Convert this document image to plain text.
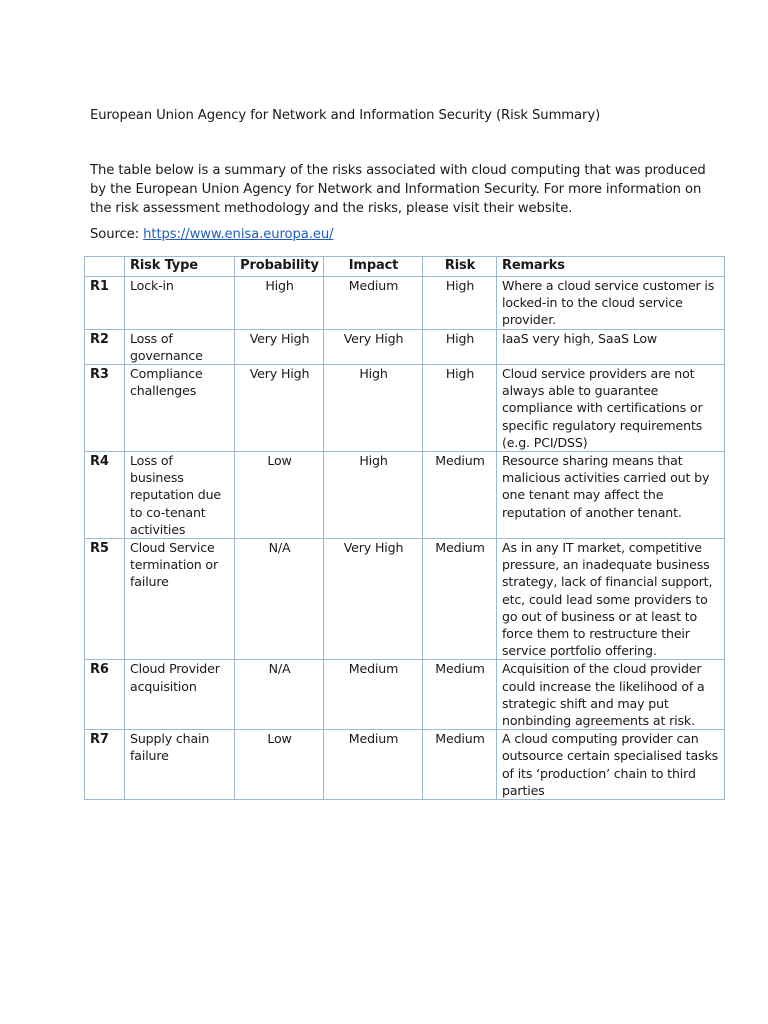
European Union Agency for Network and Information Security (Risk Summary)
The table below is a summary of the risks associated with cloud computing that was produced
by the European Union Agency for Network and Information Security. For more information on
the risk assessment methodology and the risks, please visit their website.
Source: https://www.enisa.europa.eu/
	Risk Type	Probability	Impact	Risk	Remarks
R1	Lock-in	High	Medium	High	Where a cloud service customer is locked-in to the cloud service provider.
R2	Loss of governance	Very High	Very High	High	IaaS very high, SaaS Low
R3	Compliance challenges	Very High	High	High	Cloud service providers are not always able to guarantee compliance with certifications or specific regulatory requirements (e.g. PCI/DSS)
R4	Loss of business reputation due to co-tenant activities	Low	High	Medium	Resource sharing means that malicious activities carried out by one tenant may affect the reputation of another tenant.
R5	Cloud Service termination or failure	N/A	Very High	Medium	As in any IT market, competitive pressure, an inadequate business strategy, lack of financial support, etc, could lead some providers to go out of business or at least to force them to restructure their service portfolio offering.
R6	Cloud Provider acquisition	N/A	Medium	Medium	Acquisition of the cloud provider could increase the likelihood of a strategic shift and may put nonbinding agreements at risk.
R7	Supply chain failure	Low	Medium	Medium	A cloud computing provider can outsource certain specialised tasks of its ‘production’ chain to third parties
